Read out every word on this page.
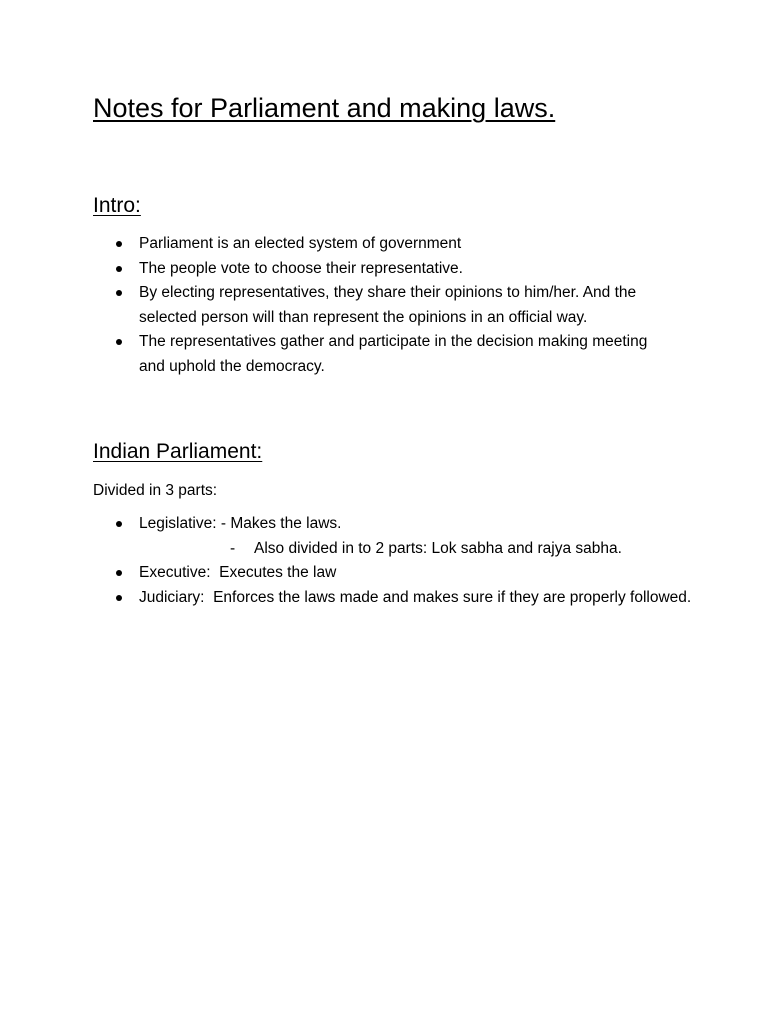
Notes for Parliament and making laws.
Intro:
Parliament is an elected system of government
The people vote to choose their representative.
By electing representatives, they share their opinions to him/her. And the selected person will than represent the opinions in an official way.
The representatives gather and participate in the decision making meeting and uphold the democracy.
Indian Parliament:

Divided in 3 parts:

Legislative: - Makes the laws.
- Also divided in to 2 parts: Lok sabha and rajya sabha.
Executive:  Executes the law
Judiciary:  Enforces the laws made and makes sure if they are properly followed.
